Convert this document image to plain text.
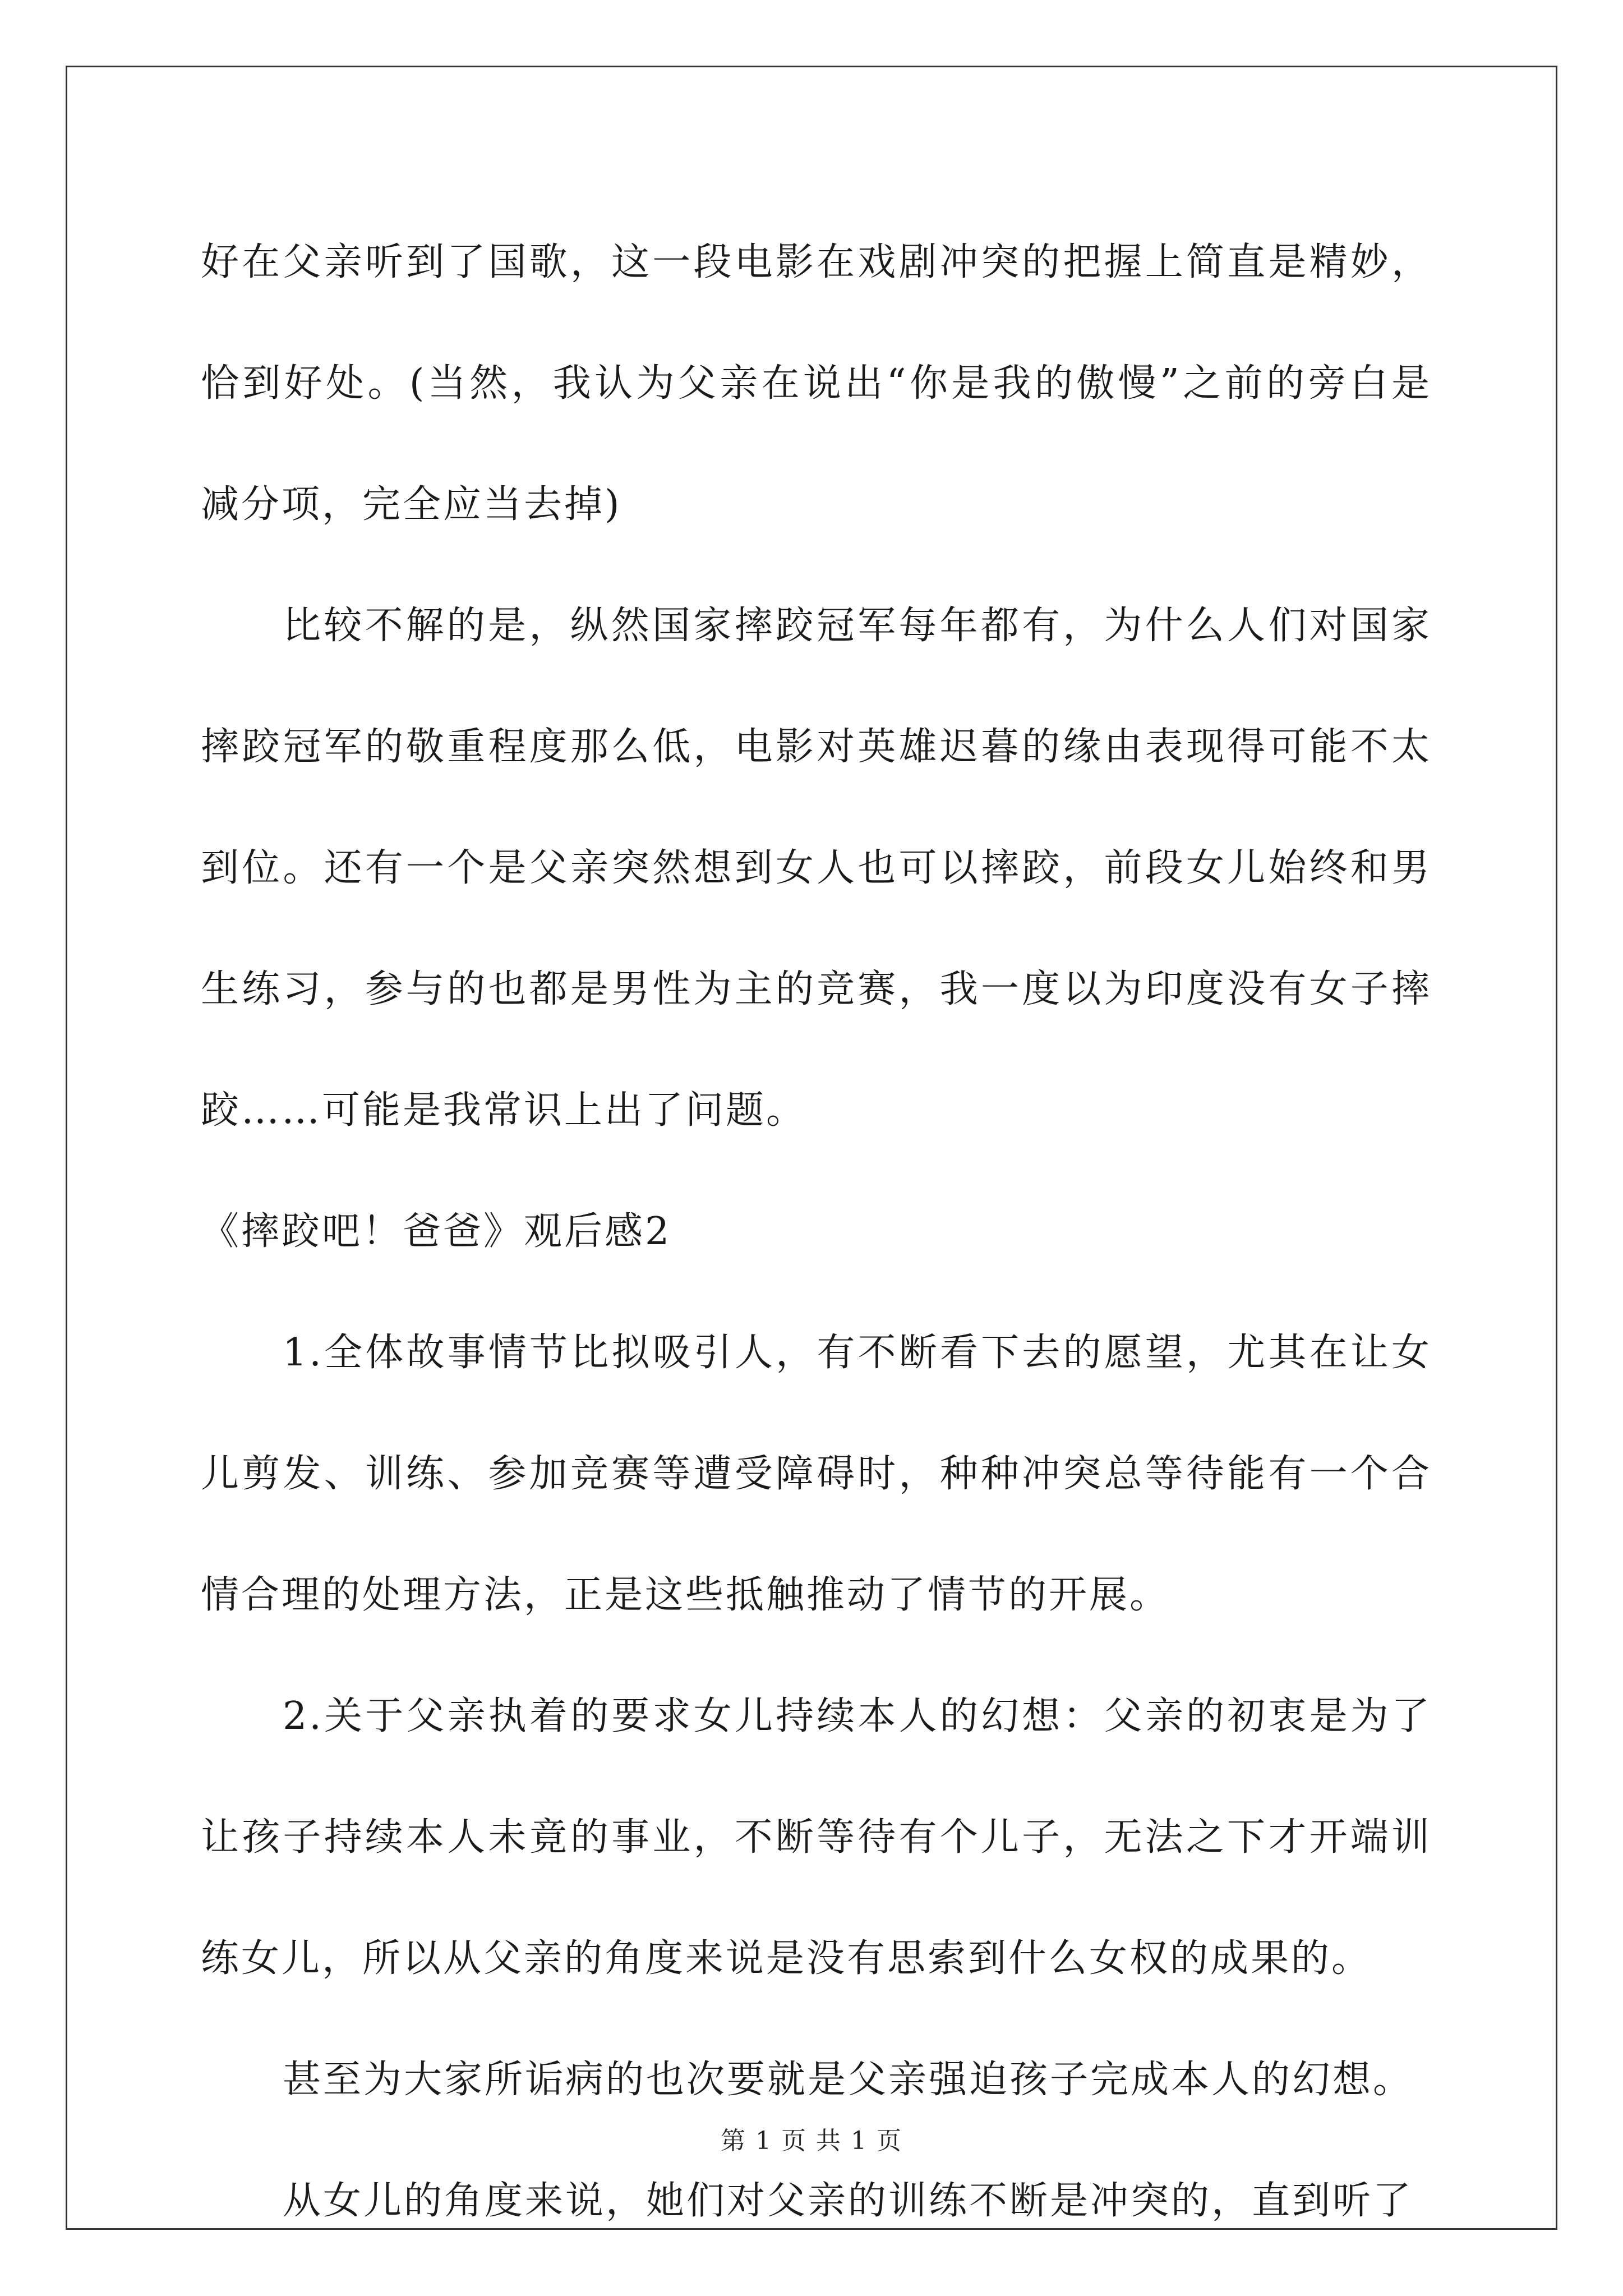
好在父亲听到了国歌，这一段电影在戏剧冲突的把握上简直是精妙，恰到好处。(当然，我认为父亲在说出“你是我的傲慢”之前的旁白是减分项，完全应当去掉)

比较不解的是，纵然国家摔跤冠军每年都有，为什么人们对国家摔跤冠军的敬重程度那么低，电影对英雄迟暮的缘由表现得可能不太到位。还有一个是父亲突然想到女人也可以摔跤，前段女儿始终和男生练习，参与的也都是男性为主的竞赛，我一度以为印度没有女子摔跤……可能是我常识上出了问题。

《摔跤吧！爸爸》观后感2

1.全体故事情节比拟吸引人，有不断看下去的愿望，尤其在让女儿剪发、训练、参加竞赛等遭受障碍时，种种冲突总等待能有一个合情合理的处理方法，正是这些抵触推动了情节的开展。

2.关于父亲执着的要求女儿持续本人的幻想：父亲的初衷是为了让孩子持续本人未竟的事业，不断等待有个儿子，无法之下才开端训练女儿，所以从父亲的角度来说是没有思索到什么女权的成果的。

甚至为大家所诟病的也次要就是父亲强迫孩子完成本人的幻想。

从女儿的角度来说，她们对父亲的训练不断是冲突的，直到听了

第 1 页 共 1 页
